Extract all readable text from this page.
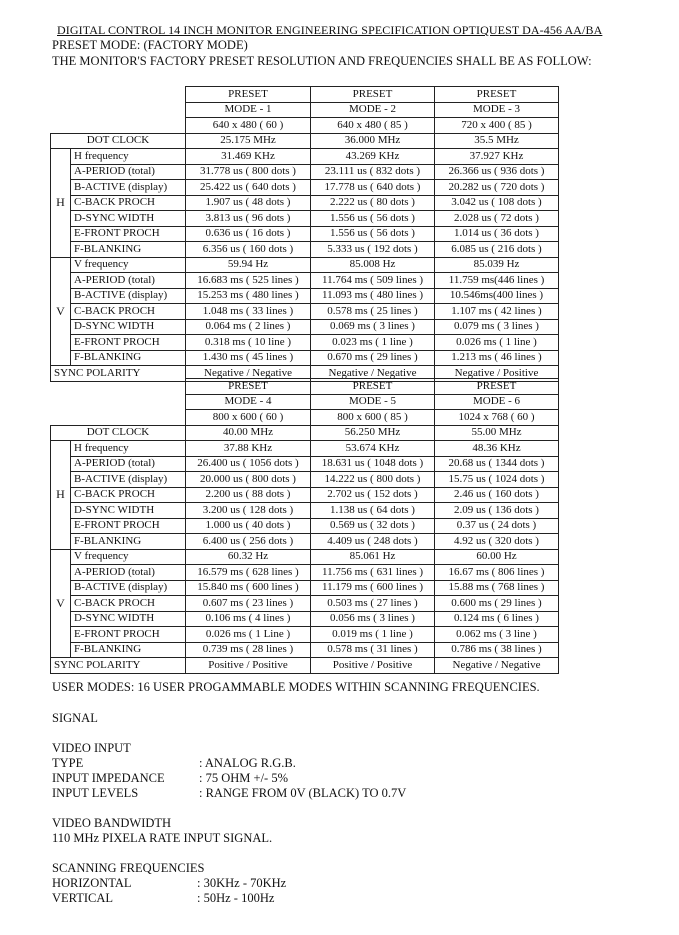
DIGITAL CONTROL 14 INCH MONITOR ENGINEERING SPECIFICATION OPTIQUEST DA-456 AA/BA
PRESET MODE: (FACTORY MODE)
THE MONITOR'S FACTORY PRESET RESOLUTION AND FREQUENCIES SHALL BE AS FOLLOW:
		PRESET	PRESET	PRESET
		MODE - 1	MODE - 2	MODE - 3
		640 x 480 ( 60 )	640 x 480 ( 85 )	720 x 400 ( 85 )
DOT CLOCK		25.175 MHz	36.000 MHz	35.5 MHz
H	H frequency	31.469 KHz	43.269 KHz	37.927 KHz
	A-PERIOD (total)	31.778 us ( 800 dots )	23.111 us ( 832 dots )	26.366 us ( 936 dots )
	B-ACTIVE (display)	25.422 us ( 640 dots )	17.778 us ( 640 dots )	20.282 us ( 720 dots )
	C-BACK PROCH	1.907 us ( 48 dots )	2.222 us ( 80 dots )	3.042 us ( 108 dots )
	D-SYNC WIDTH	3.813 us ( 96 dots )	1.556 us ( 56 dots )	2.028 us ( 72 dots )
	E-FRONT PROCH	0.636 us ( 16 dots )	1.556 us ( 56 dots )	1.014 us ( 36 dots )
	F-BLANKING	6.356 us ( 160 dots )	5.333 us ( 192 dots )	6.085 us ( 216 dots )
V	V frequency	59.94 Hz	85.008 Hz	85.039 Hz
	A-PERIOD (total)	16.683 ms ( 525 lines )	11.764 ms ( 509 lines )	11.759 ms(446 lines )
	B-ACTIVE (display)	15.253 ms ( 480 lines )	11.093 ms ( 480 lines )	10.546ms(400 lines )
	C-BACK PROCH	1.048 ms ( 33 lines )	0.578 ms ( 25 lines )	1.107 ms ( 42 lines )
	D-SYNC WIDTH	0.064 ms ( 2 lines )	0.069 ms ( 3 lines )	0.079 ms ( 3 lines )
	E-FRONT PROCH	0.318 ms ( 10 line )	0.023 ms ( 1 line )	0.026 ms ( 1 line )
	F-BLANKING	1.430 ms ( 45 lines )	0.670 ms ( 29 lines )	1.213 ms ( 46 lines )
SYNC POLARITY		Negative / Negative	Negative / Negative	Negative / Positive
		PRESET	PRESET	PRESET
		MODE - 4	MODE - 5	MODE - 6
		800 x 600 ( 60 )	800 x 600 ( 85 )	1024 x 768 ( 60 )
DOT CLOCK		40.00 MHz	56.250 MHz	55.00 MHz
H	H frequency	37.88 KHz	53.674 KHz	48.36 KHz
	A-PERIOD (total)	26.400 us ( 1056 dots )	18.631 us ( 1048 dots )	20.68 us ( 1344 dots )
	B-ACTIVE (display)	20.000 us ( 800 dots )	14.222 us ( 800 dots )	15.75 us ( 1024 dots )
	C-BACK PROCH	2.200 us ( 88 dots )	2.702 us ( 152 dots )	2.46 us ( 160 dots )
	D-SYNC WIDTH	3.200 us ( 128 dots )	1.138 us ( 64 dots )	2.09 us ( 136 dots )
	E-FRONT PROCH	1.000 us ( 40 dots )	0.569 us ( 32 dots )	0.37 us ( 24 dots )
	F-BLANKING	6.400 us ( 256 dots )	4.409 us ( 248 dots )	4.92 us ( 320 dots )
V	V frequency	60.32 Hz	85.061 Hz	60.00 Hz
	A-PERIOD (total)	16.579 ms ( 628 lines )	11.756 ms ( 631 lines )	16.67 ms ( 806 lines )
	B-ACTIVE (display)	15.840 ms ( 600 lines )	11.179 ms ( 600 lines )	15.88 ms ( 768 lines )
	C-BACK PROCH	0.607 ms ( 23 lines )	0.503 ms ( 27 lines )	0.600 ms ( 29 lines )
	D-SYNC WIDTH	0.106 ms ( 4 lines )	0.056 ms ( 3 lines )	0.124 ms ( 6 lines )
	E-FRONT PROCH	0.026 ms ( 1 Line )	0.019 ms ( 1 line )	0.062 ms ( 3 line )
	F-BLANKING	0.739 ms ( 28 lines )	0.578 ms ( 31 lines )	0.786 ms ( 38 lines )
SYNC POLARITY		Positive / Positive	Positive / Positive	Negative / Negative
USER MODES: 16 USER PROGAMMABLE MODES WITHIN SCANNING FREQUENCIES.
SIGNAL
VIDEO INPUT
TYPE	: ANALOG R.G.B.
INPUT IMPEDANCE	: 75 OHM +/- 5%
INPUT LEVELS	: RANGE FROM 0V (BLACK) TO 0.7V
VIDEO BANDWIDTH
110 MHz PIXELA RATE INPUT SIGNAL.
SCANNING FREQUENCIES
HORIZONTAL	: 30KHz - 70KHz
VERTICAL	: 50Hz - 100Hz
